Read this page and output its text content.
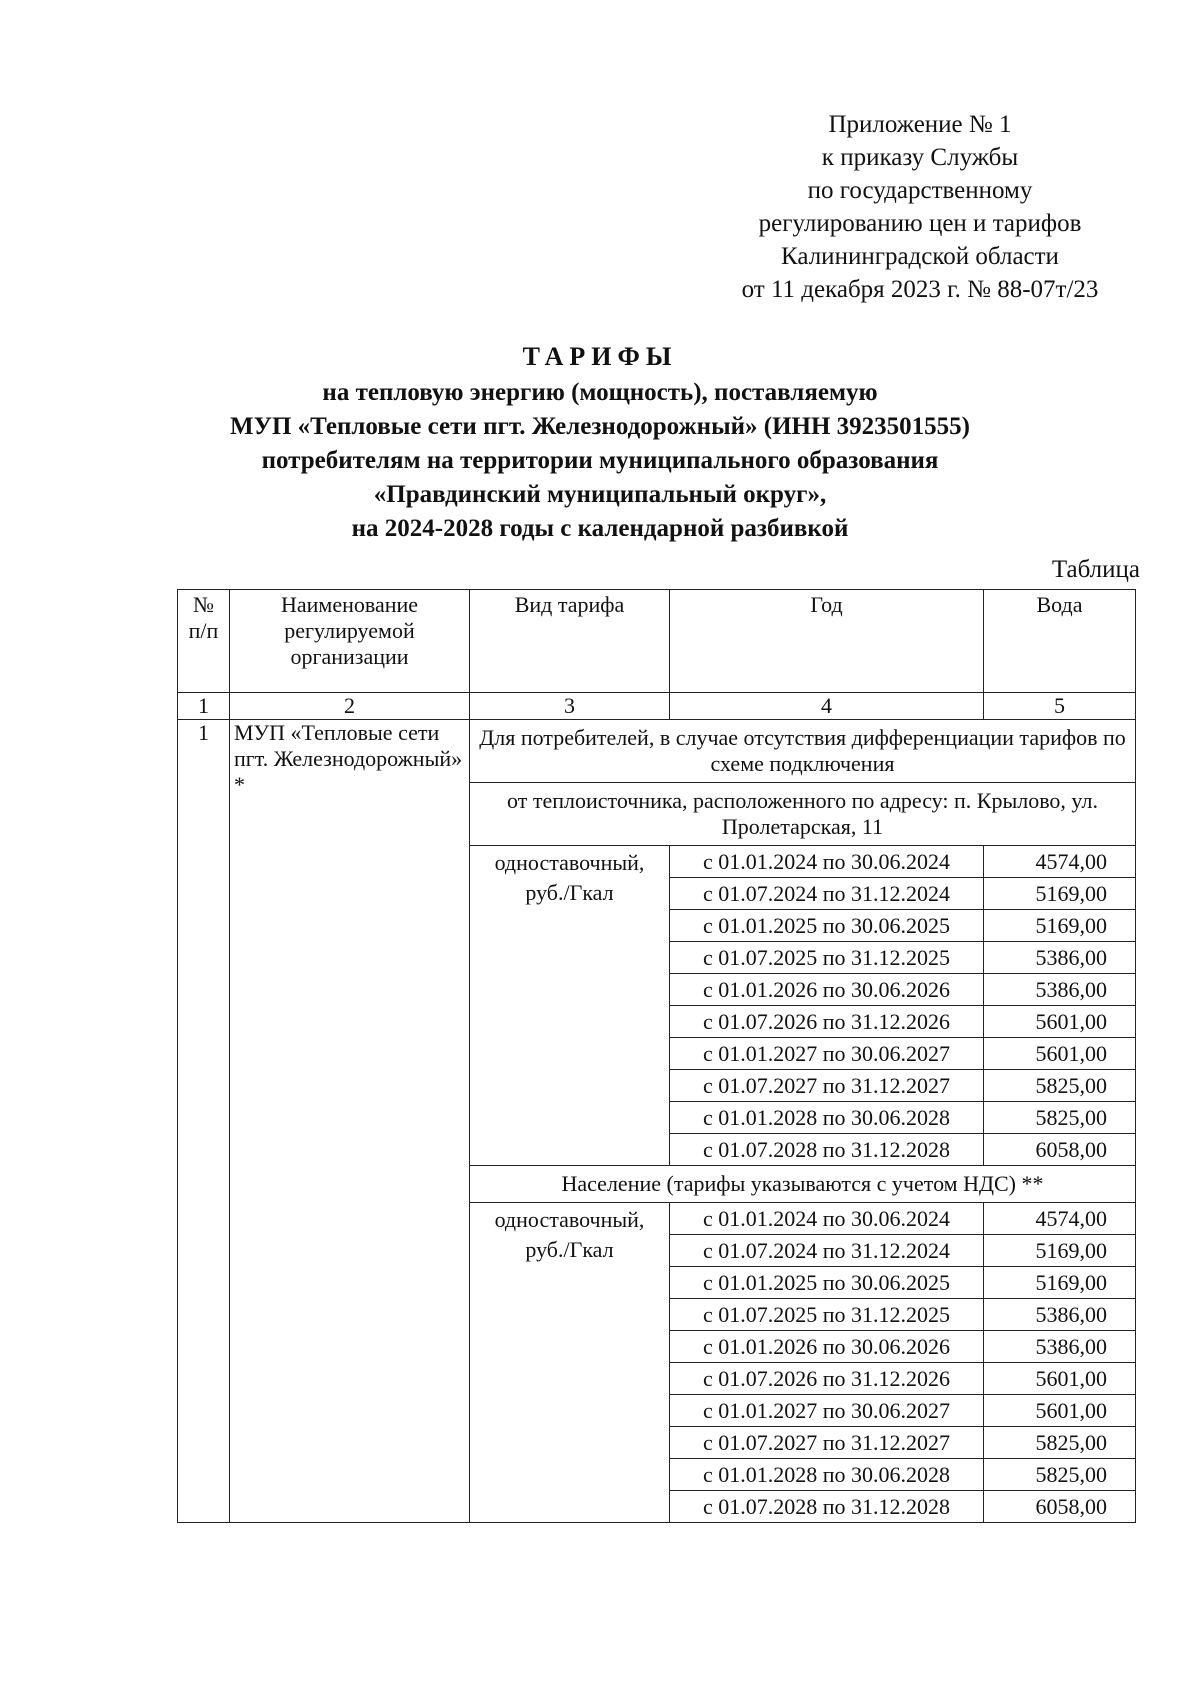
Приложение № 1
к приказу Службы
по государственному
регулированию цен и тарифов
Калининградской области
от 11 декабря 2023 г. № 88-07т/23
ТАРИФЫ
на тепловую энергию (мощность), поставляемую
МУП «Тепловые сети пгт. Железнодорожный» (ИНН 3923501555)
потребителям на территории муниципального образования
«Правдинский муниципальный округ»,
на 2024-2028 годы с календарной разбивкой
Таблица
№ п/п	Наименование регулируемой организации	Вид тарифа	Год	Вода
1	2	3	4	5
1	МУП «Тепловые сети пгт. Железнодорожный» *	Для потребителей, в случае отсутствия дифференциации тарифов по схеме подключения		
		от теплоисточника, расположенного по адресу: п. Крылово, ул. Пролетарская, 11		
		одноставочный, руб./Гкал	с 01.01.2024 по 30.06.2024	4574,00
			с 01.07.2024 по 31.12.2024	5169,00
			с 01.01.2025 по 30.06.2025	5169,00
			с 01.07.2025 по 31.12.2025	5386,00
			с 01.01.2026 по 30.06.2026	5386,00
			с 01.07.2026 по 31.12.2026	5601,00
			с 01.01.2027 по 30.06.2027	5601,00
			с 01.07.2027 по 31.12.2027	5825,00
			с 01.01.2028 по 30.06.2028	5825,00
			с 01.07.2028 по 31.12.2028	6058,00
		Население (тарифы указываются с учетом НДС) **		
		одноставочный, руб./Гкал	с 01.01.2024 по 30.06.2024	4574,00
			с 01.07.2024 по 31.12.2024	5169,00
			с 01.01.2025 по 30.06.2025	5169,00
			с 01.07.2025 по 31.12.2025	5386,00
			с 01.01.2026 по 30.06.2026	5386,00
			с 01.07.2026 по 31.12.2026	5601,00
			с 01.01.2027 по 30.06.2027	5601,00
			с 01.07.2027 по 31.12.2027	5825,00
			с 01.01.2028 по 30.06.2028	5825,00
			с 01.07.2028 по 31.12.2028	6058,00
